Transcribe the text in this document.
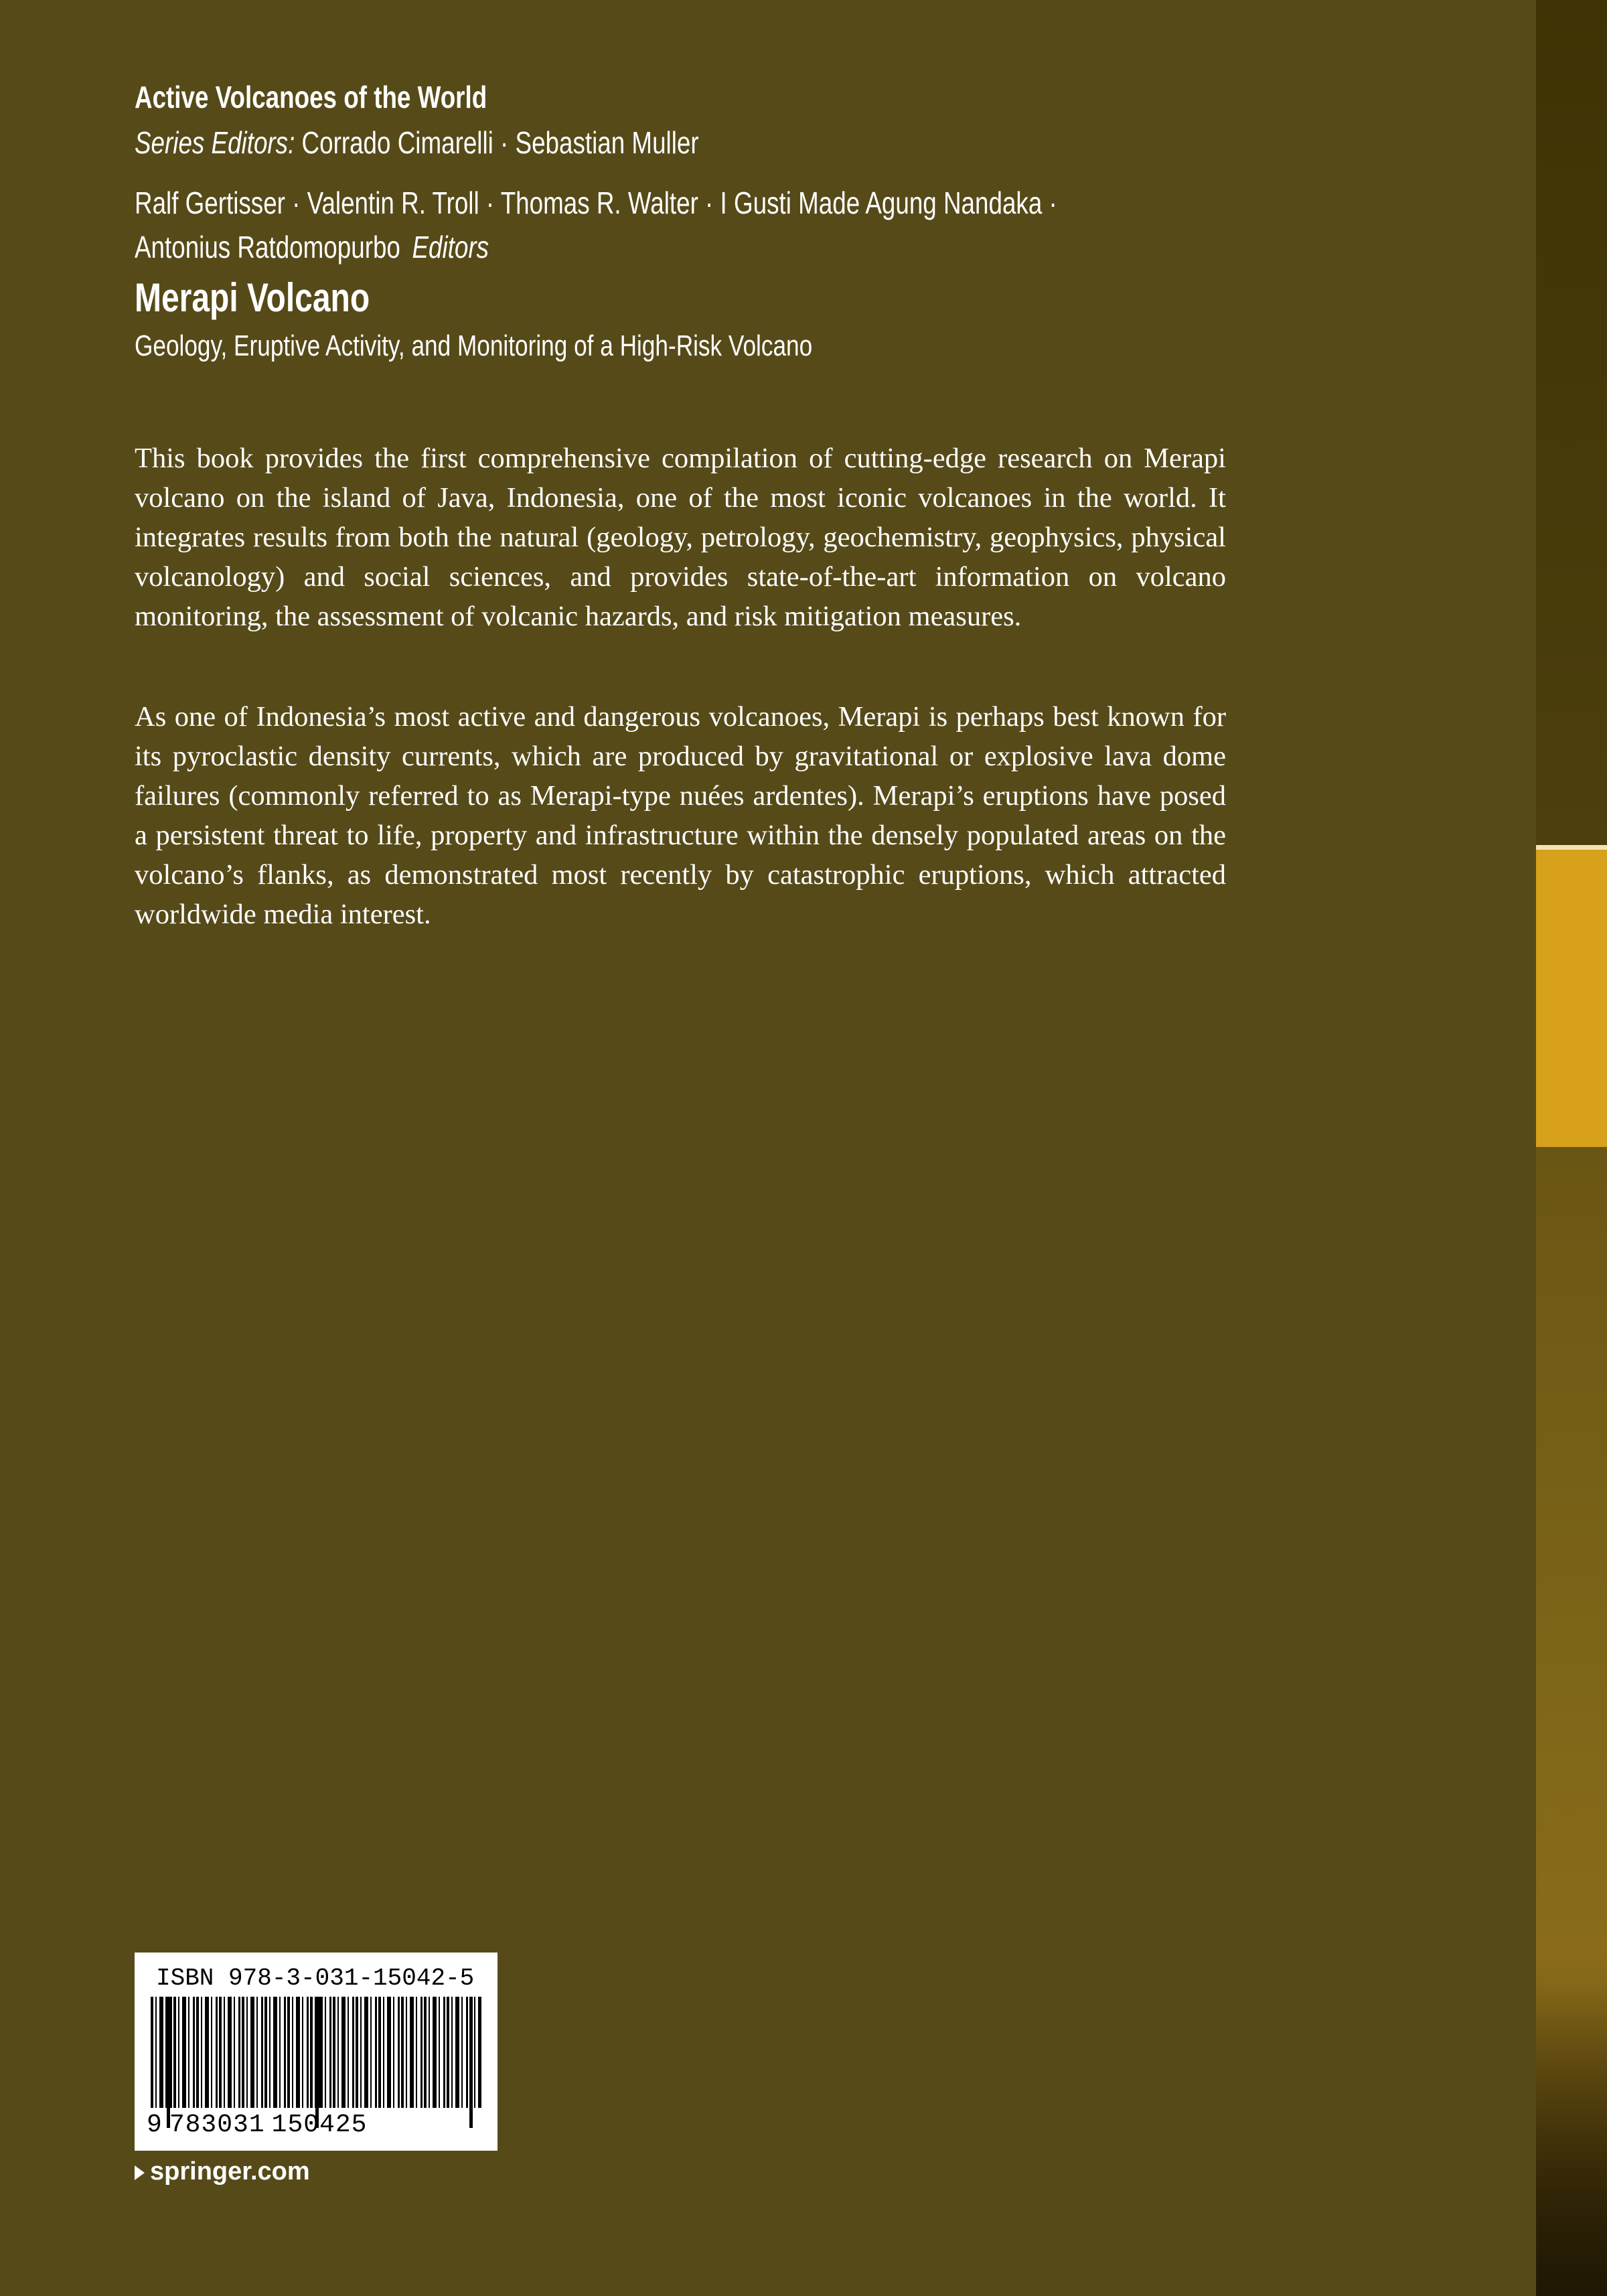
Active Volcanoes of the World
Series Editors: Corrado Cimarelli · Sebastian Muller
Ralf Gertisser · Valentin R. Troll · Thomas R. Walter · I Gusti Made Agung Nandaka ·
Antonius Ratdomopurbo Editors
Merapi Volcano
Geology, Eruptive Activity, and Monitoring of a High-Risk Volcano

This book provides the first comprehensive compilation of cutting-edge research on Merapi volcano on the island of Java, Indonesia, one of the most iconic volcanoes in the world. It integrates results from both the natural (geology, petrology, geochemistry, geophysics, physical volcanology) and social sciences, and provides state-of-the-art information on volcano monitoring, the assessment of volcanic hazards, and risk mitigation measures.

As one of Indonesia’s most active and dangerous volcanoes, Merapi is perhaps best known for its pyroclastic density currents, which are produced by gravitational or explosive lava dome failures (commonly referred to as Merapi-type nuées ardentes). Merapi’s eruptions have posed a persistent threat to life, property and infrastructure within the densely populated areas on the volcano’s flanks, as demonstrated most recently by catastrophic eruptions, which attracted worldwide media interest.

ISBN 978-3-031-15042-5
9 783031 150425
springer.com
